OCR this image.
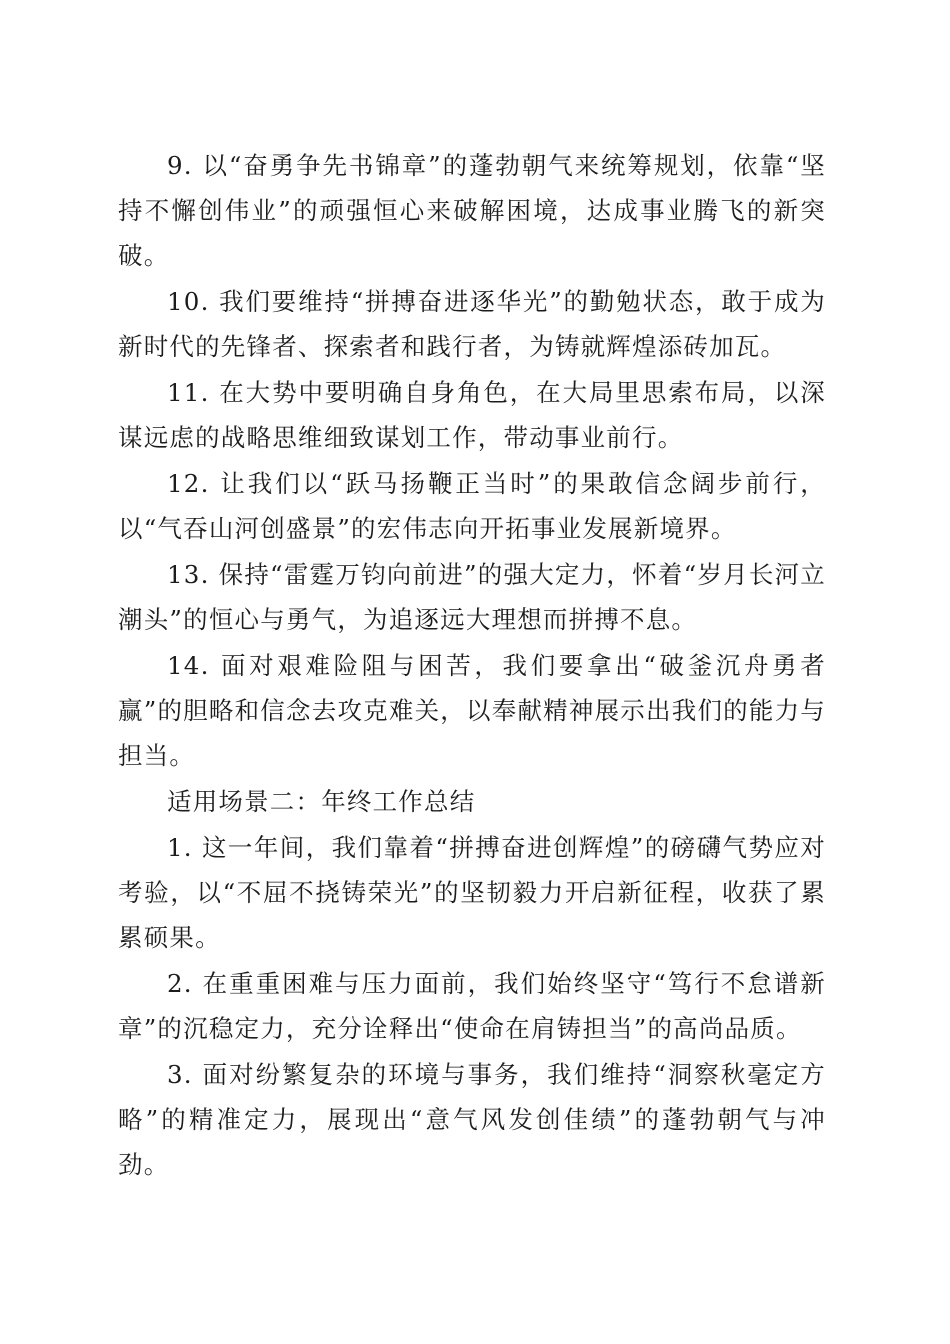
9. 以“奋勇争先书锦章”的蓬勃朝气来统筹规划，依靠“坚持不懈创伟业”的顽强恒心来破解困境，达成事业腾飞的新突破。

10. 我们要维持“拼搏奋进逐华光”的勤勉状态，敢于成为新时代的先锋者、探索者和践行者，为铸就辉煌添砖加瓦。

11. 在大势中要明确自身角色，在大局里思索布局，以深谋远虑的战略思维细致谋划工作，带动事业前行。

12. 让我们以“跃马扬鞭正当时”的果敢信念阔步前行，以“气吞山河创盛景”的宏伟志向开拓事业发展新境界。

13. 保持“雷霆万钧向前进”的强大定力，怀着“岁月长河立潮头”的恒心与勇气，为追逐远大理想而拼搏不息。

14. 面对艰难险阻与困苦，我们要拿出“破釜沉舟勇者赢”的胆略和信念去攻克难关，以奉献精神展示出我们的能力与担当。

适用场景二：年终工作总结

1. 这一年间，我们靠着“拼搏奋进创辉煌”的磅礴气势应对考验，以“不屈不挠铸荣光”的坚韧毅力开启新征程，收获了累累硕果。

2. 在重重困难与压力面前，我们始终坚守“笃行不怠谱新章”的沉稳定力，充分诠释出“使命在肩铸担当”的高尚品质。

3. 面对纷繁复杂的环境与事务，我们维持“洞察秋毫定方略”的精准定力，展现出“意气风发创佳绩”的蓬勃朝气与冲劲。
